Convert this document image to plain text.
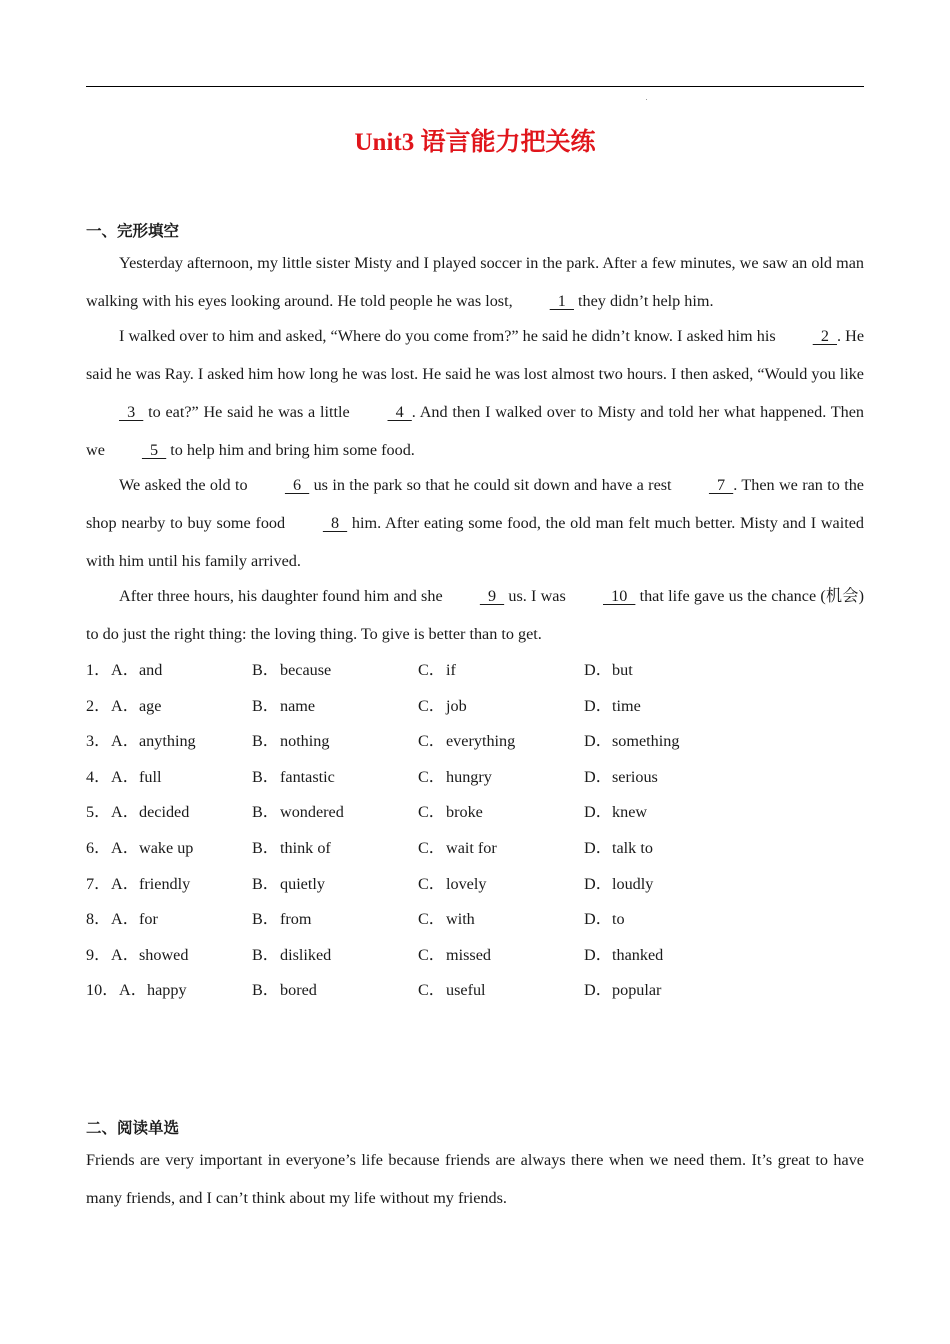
Unit3 语言能力把关练
一、完形填空
Yesterday afternoon, my little sister Misty and I played soccer in the park. After a few minutes, we saw an old man walking with his eyes looking around. He told people he was lost,   1   they didn’t help him.
I walked over to him and asked, “Where do you come from?” he said he didn’t know. I asked him his   2  . He said he was Ray. I asked him how long he was lost. He said he was lost almost two hours. I then asked, “Would you like   3   to eat?” He said he was a little   4  . And then I walked over to Misty and told her what happened. Then we   5   to help him and bring him some food.
We asked the old to   6   us in the park so that he could sit down and have a rest   7  . Then we ran to the shop nearby to buy some food   8   him. After eating some food, the old man felt much better. Misty and I waited with him until his family arrived.
After three hours, his daughter found him and she   9   us. I was   10   that life gave us the chance (机会) to do just the right thing: the loving thing. To give is better than to get.
1． A．and	B．because	C．if	D．but
2． A．age	B．name	C．job	D．time
3． A．anything	B．nothing	C．everything	D．something
4． A．full	B．fantastic	C．hungry	D．serious
5． A．decided	B．wondered	C．broke	D．knew
6． A．wake up	B．think of	C．wait for	D．talk to
7． A．friendly	B．quietly	C．lovely	D．loudly
8． A．for	B．from	C．with	D．to
9． A．showed	B．disliked	C．missed	D．thanked
10． A．happy	B．bored	C．useful	D．popular
二、阅读单选
Friends are very important in everyone’s life because friends are always there when we need them. It’s great to have many friends, and I can’t think about my life without my friends.
